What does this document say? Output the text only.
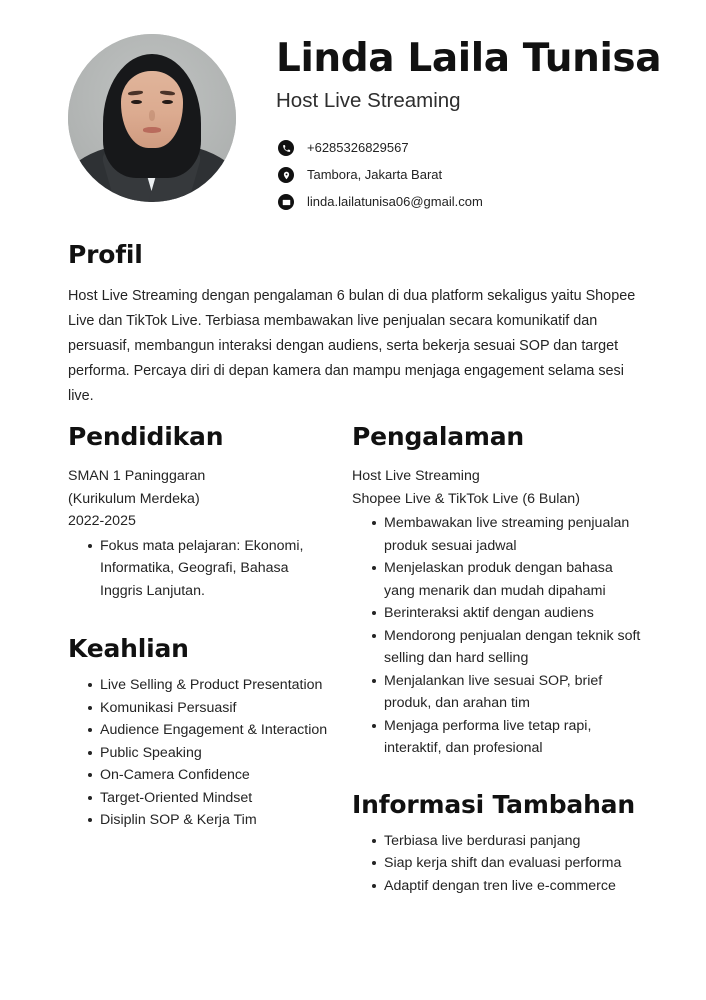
Linda Laila Tunisa

Host Live Streaming

+6285326829567
Tambora, Jakarta Barat
linda.lailatunisa06@gmail.com
Profil

Host Live Streaming dengan pengalaman 6 bulan di dua platform sekaligus yaitu Shopee Live dan TikTok Live. Terbiasa membawakan live penjualan secara komunikatif dan persuasif, membangun interaksi dengan audiens, serta bekerja sesuai SOP dan target performa. Percaya diri di depan kamera dan mampu menjaga engagement selama sesi live.

Pendidikan
SMAN 1 Paninggaran
(Kurikulum Merdeka)
2022-2025
Fokus mata pelajaran: Ekonomi, Informatika, Geografi, Bahasa Inggris Lanjutan.
Keahlian
Live Selling & Product Presentation
Komunikasi Persuasif
Audience Engagement & Interaction
Public Speaking
On-Camera Confidence
Target-Oriented Mindset
Disiplin SOP & Kerja Tim
Pengalaman
Host Live Streaming
Shopee Live & TikTok Live (6 Bulan)
Membawakan live streaming penjualan produk sesuai jadwal
Menjelaskan produk dengan bahasa yang menarik dan mudah dipahami
Berinteraksi aktif dengan audiens
Mendorong penjualan dengan teknik soft selling dan hard selling
Menjalankan live sesuai SOP, brief produk, dan arahan tim
Menjaga performa live tetap rapi, interaktif, dan profesional
Informasi Tambahan
Terbiasa live berdurasi panjang
Siap kerja shift dan evaluasi performa
Adaptif dengan tren live e-commerce
